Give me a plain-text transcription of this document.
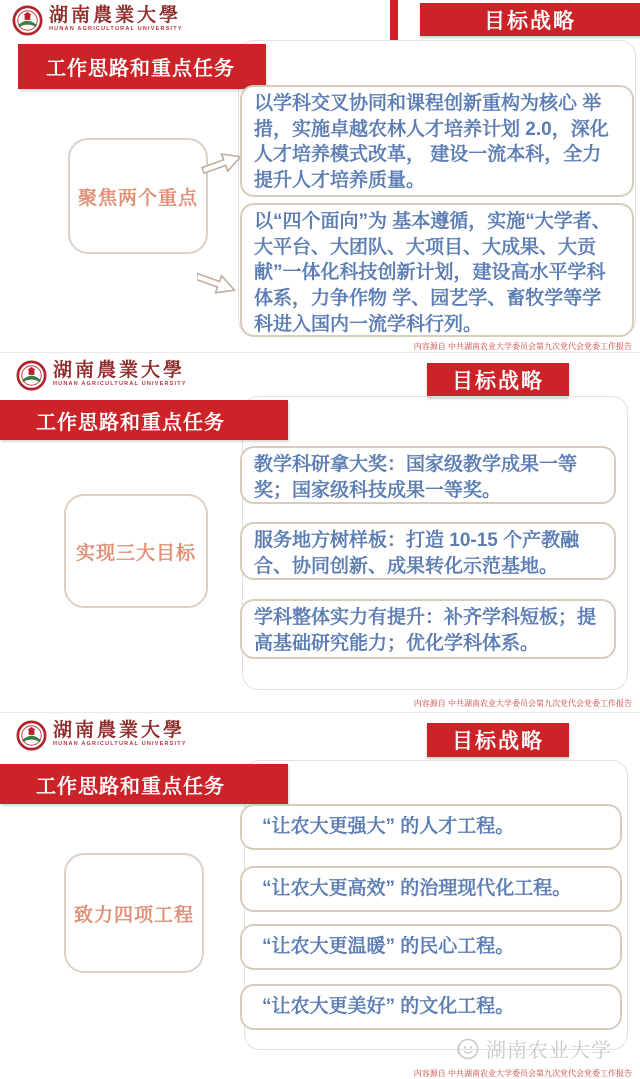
湖南農業大學
HUNAN AGRICULTURAL UNIVERSITY	目标战略
工作思路和重点任务
聚焦两个重点
以学科交叉协同和课程创新重构为核心 举措，实施卓越农林人才培养计划 2.0，深化人才培养模式改革， 建设一流本科，全力提升人才培养质量。
以“四个面向”为 基本遵循，实施“大学者、大平台、大团队、大项目、大成果、大贡献”一体化科技创新计划，建设高水平学科体系，力争作物 学、园艺学、畜牧学等学科进入国内一流学科行列。
内容源自 中共湖南农业大学委员会第九次党代会党委工作报告
湖南農業大學
HUNAN AGRICULTURAL UNIVERSITY	目标战略
工作思路和重点任务
实现三大目标
教学科研拿大奖：国家级教学成果一等奖；国家级科技成果一等奖。
服务地方树样板：打造 10-15 个产教融合、协同创新、成果转化示范基地。
学科整体实力有提升：补齐学科短板；提高基础研究能力；优化学科体系。
内容源自 中共湖南农业大学委员会第九次党代会党委工作报告
湖南農業大學
HUNAN AGRICULTURAL UNIVERSITY	目标战略
工作思路和重点任务
致力四项工程
“让农大更强大” 的人才工程。
“让农大更高效” 的治理现代化工程。
“让农大更温暖” 的民心工程。
“让农大更美好” 的文化工程。
湖南农业大学
内容源自 中共湖南农业大学委员会第九次党代会党委工作报告
